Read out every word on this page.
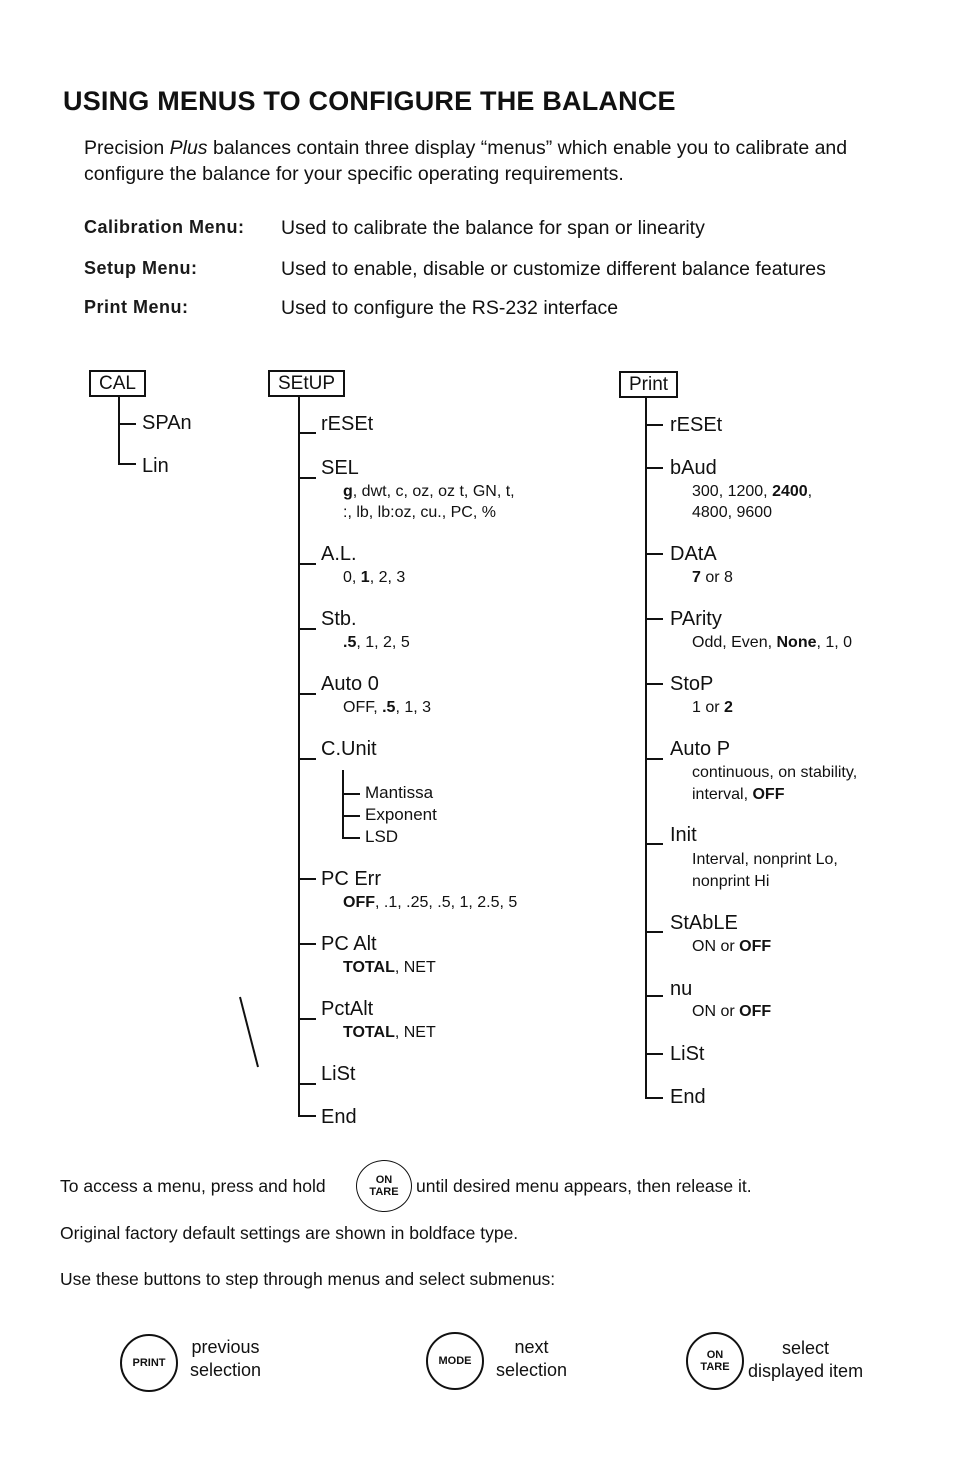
USING MENUS TO CONFIGURE THE BALANCE
Precision Plus balances contain three display “menus” which enable you to calibrate and configure the balance for your specific operating requirements.
Calibration Menu: Used to calibrate the balance for span or linearity
Setup Menu:	Used to enable, disable or customize different balance features
Print Menu:	Used to configure the RS-232 interface
CAL
SPAn
Lin
SEtUP
rESEt
SEL
g, dwt, c, oz, oz t, GN, t,
:, lb, lb:oz, cu., PC, %
A.L.
0, 1, 2, 3
Stb.
.5, 1, 2, 5
Auto 0
OFF, .5, 1, 3
C.Unit
Mantissa
Exponent
LSD
PC Err
OFF, .1, .25, .5, 1, 2.5, 5
PC Alt
TOTAL, NET
PctAlt
TOTAL, NET
LiSt
End
Print
rESEt
bAud
300, 1200, 2400,
4800, 9600
DAtA
7 or 8
PArity
Odd, Even, None, 1, 0
StoP
1 or 2
Auto P
continuous, on stability,
interval, OFF
Init
Interval, nonprint Lo,
nonprint Hi
StAbLE
ON or OFF
nu
ON or OFF
LiSt
End
To access a menu, press and hold	ON
TARE until desired menu appears, then release it.
Original factory default settings are shown in boldface type.
Use these buttons to step through menus and select submenus:
PRINT
previous
selection	MODE
next
selection
ON
TARE
select
displayed item
